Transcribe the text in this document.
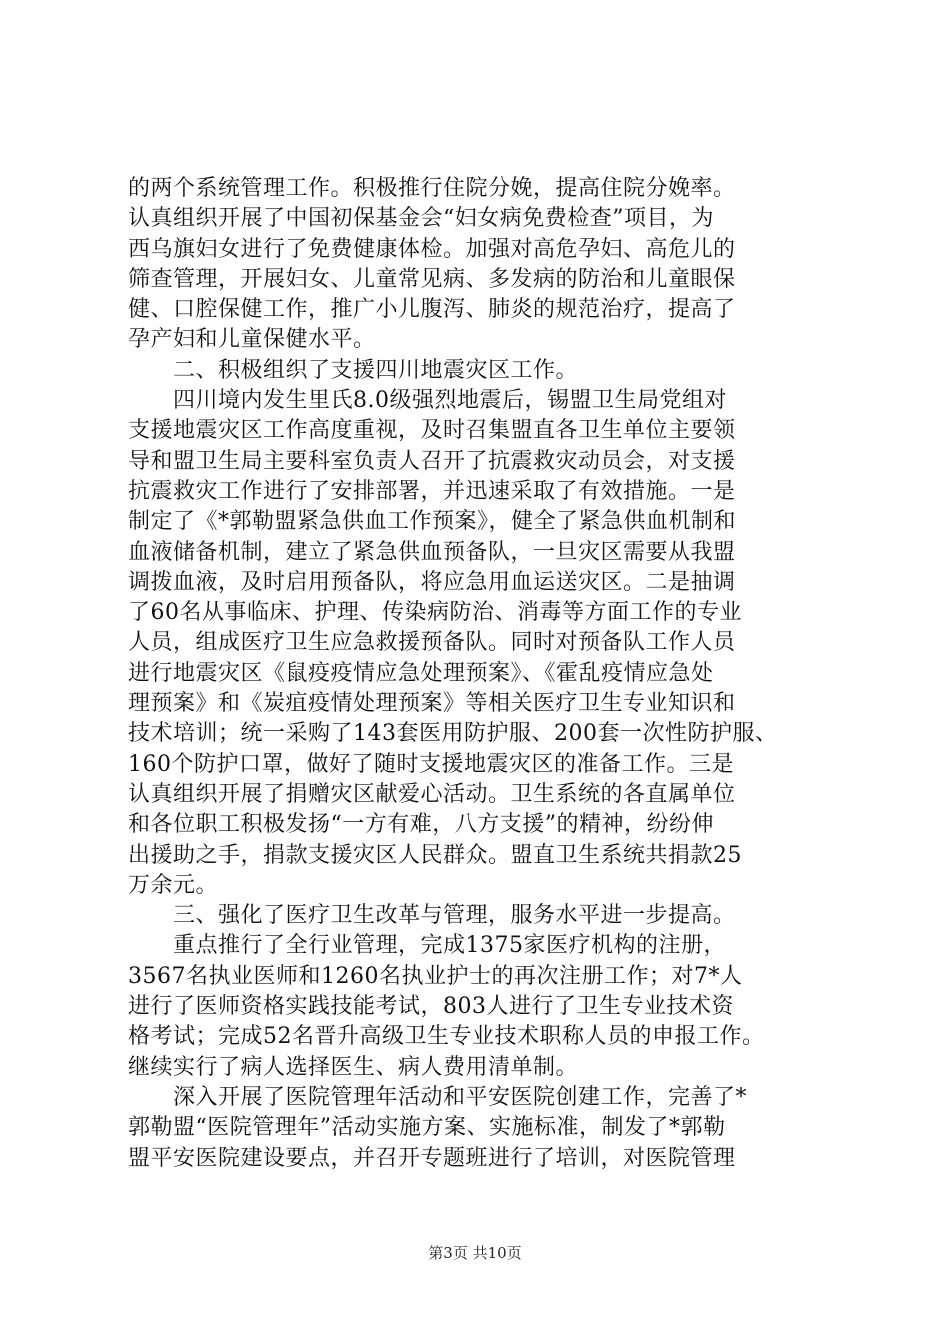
的两个系统管理工作。积极推行住院分娩，提高住院分娩率。
认真组织开展了中国初保基金会“妇女病免费检查”项目，为
西乌旗妇女进行了免费健康体检。加强对高危孕妇、高危儿的
筛查管理，开展妇女、儿童常见病、多发病的防治和儿童眼保
健、口腔保健工作，推广小儿腹泻、肺炎的规范治疗，提高了
孕产妇和儿童保健水平。
　　二、积极组织了支援四川地震灾区工作。
　　四川境内发生里氏8.0级强烈地震后，锡盟卫生局党组对
支援地震灾区工作高度重视，及时召集盟直各卫生单位主要领
导和盟卫生局主要科室负责人召开了抗震救灾动员会，对支援
抗震救灾工作进行了安排部署，并迅速采取了有效措施。一是
制定了《*郭勒盟紧急供血工作预案》，健全了紧急供血机制和
血液储备机制，建立了紧急供血预备队，一旦灾区需要从我盟
调拨血液，及时启用预备队，将应急用血运送灾区。二是抽调
了60名从事临床、护理、传染病防治、消毒等方面工作的专业
人员，组成医疗卫生应急救援预备队。同时对预备队工作人员
进行地震灾区《鼠疫疫情应急处理预案》、《霍乱疫情应急处
理预案》和《炭疽疫情处理预案》等相关医疗卫生专业知识和
技术培训；统一采购了143套医用防护服、200套一次性防护服、
160个防护口罩，做好了随时支援地震灾区的准备工作。三是
认真组织开展了捐赠灾区献爱心活动。卫生系统的各直属单位
和各位职工积极发扬“一方有难，八方支援”的精神，纷纷伸
出援助之手，捐款支援灾区人民群众。盟直卫生系统共捐款25
万余元。
　　三、强化了医疗卫生改革与管理，服务水平进一步提高。
　　重点推行了全行业管理，完成1375家医疗机构的注册，
3567名执业医师和1260名执业护士的再次注册工作；对7*人
进行了医师资格实践技能考试，803人进行了卫生专业技术资
格考试；完成52名晋升高级卫生专业技术职称人员的申报工作。
继续实行了病人选择医生、病人费用清单制。
　　深入开展了医院管理年活动和平安医院创建工作，完善了*
郭勒盟“医院管理年”活动实施方案、实施标准，制发了*郭勒
盟平安医院建设要点，并召开专题班进行了培训，对医院管理
第3页 共10页
